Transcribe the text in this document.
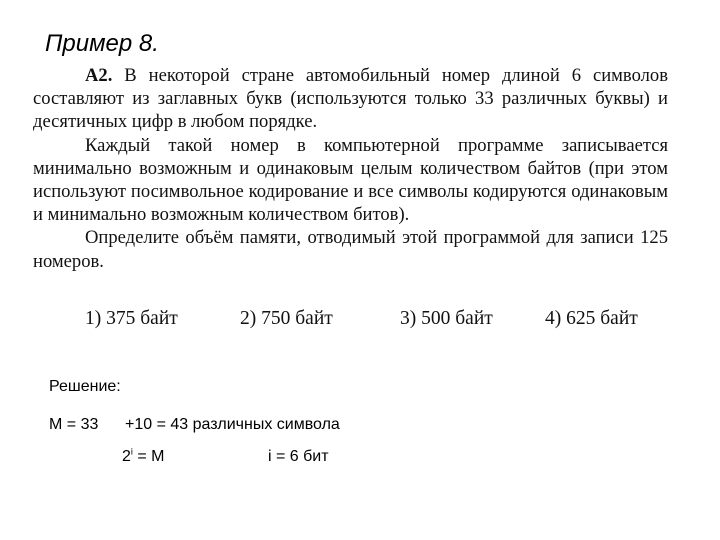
Пример 8.

А2. В некоторой стране автомобильный номер длиной 6 символов составляют из заглавных букв (используются только 33 различных буквы) и десятичных цифр в любом порядке.

Каждый такой номер в компьютерной программе записывается минимально возможным и одинаковым целым количеством байтов (при этом используют посимвольное кодирование и все символы кодируются одинаковым и минимально возможным количеством битов).

Определите объём памяти, отводимый этой программой для записи 125 номеров.

1) 375 байт	2) 750 байт	3) 500 байт	4) 625 байт
Решение:
M = 33 +10 = 43 различных символа
$2^i = M$	i = 6 бит
